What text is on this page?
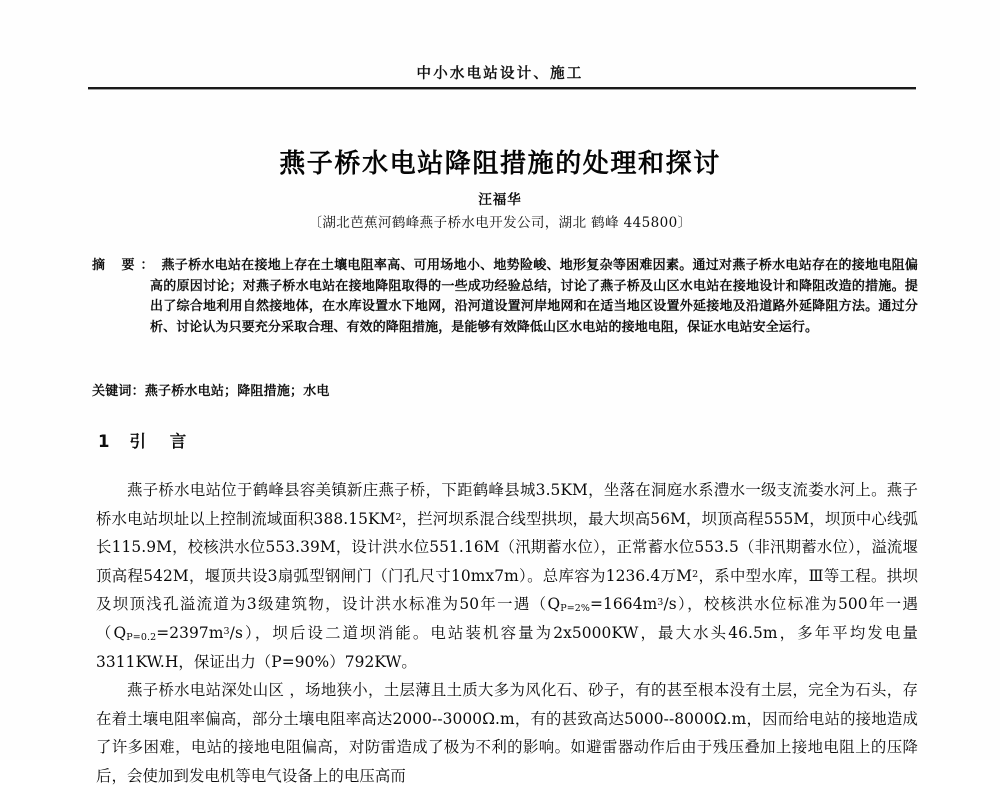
中小水电站设计、施工
燕子桥水电站降阻措施的处理和探讨
汪福华
〔湖北芭蕉河鹤峰燕子桥水电开发公司，湖北 鹤峰 445800〕
摘 要： 燕子桥水电站在接地上存在土壤电阻率高、可用场地小、地势险峻、地形复杂等困难因素。通过对燕子桥水电站存在的接地电阻偏高的原因讨论；对燕子桥水电站在接地降阻取得的一些成功经验总结，讨论了燕子桥及山区水电站在接地设计和降阻改造的措施。提出了综合地利用自然接地体，在水库设置水下地网，沿河道设置河岸地网和在适当地区设置外延接地及沿道路外延降阻方法。通过分析、讨论认为只要充分采取合理、有效的降阻措施，是能够有效降低山区水电站的接地电阻，保证水电站安全运行。
关键词：燕子桥水电站；降阻措施；水电
1 引 言

燕子桥水电站位于鹤峰县容美镇新庄燕子桥，下距鹤峰县城3.5KM，坐落在洞庭水系澧水一级支流娄水河上。燕子桥水电站坝址以上控制流域面积$388.15KM^2$，拦河坝系混合线型拱坝，最大坝高56M，坝顶高程555M，坝顶中心线弧长115.9M，校核洪水位553.39M，设计洪水位551.16M（汛期蓄水位），正常蓄水位553.5（非汛期蓄水位），溢流堰顶高程542M，堰顶共设3扇弧型钢闸门（门孔尺寸10mx7m）。总库容为1236.4万$M^2$，系中型水库，Ⅲ等工程。拱坝及坝顶浅孔溢流道为3级建筑物，设计洪水标准为50年一遇$(Q_{P=2\%}=1664m^3/s)$，校核洪水位标准为500年一遇$(Q_{P=0.2}=2397m^3/s)$，坝后设二道坝消能。电站装机容量为2x5000KW，最大水头46.5m，多年平均发电量3311KW.H，保证出力（P=90%）792KW。

燕子桥水电站深处山区 ，场地狭小，土层薄且土质大多为风化石、砂子，有的甚至根本没有土层，完全为石头，存在着土壤电阻率偏高，部分土壤电阻率高达2000--3000Ω.m，有的甚致高达5000--8000Ω.m，因而给电站的接地造成了许多困难，电站的接地电阻偏高，对防雷造成了极为不利的影响。如避雷器动作后由于残压叠加上接地电阻上的压降后，会使加到发电机等电气设备上的电压高而
